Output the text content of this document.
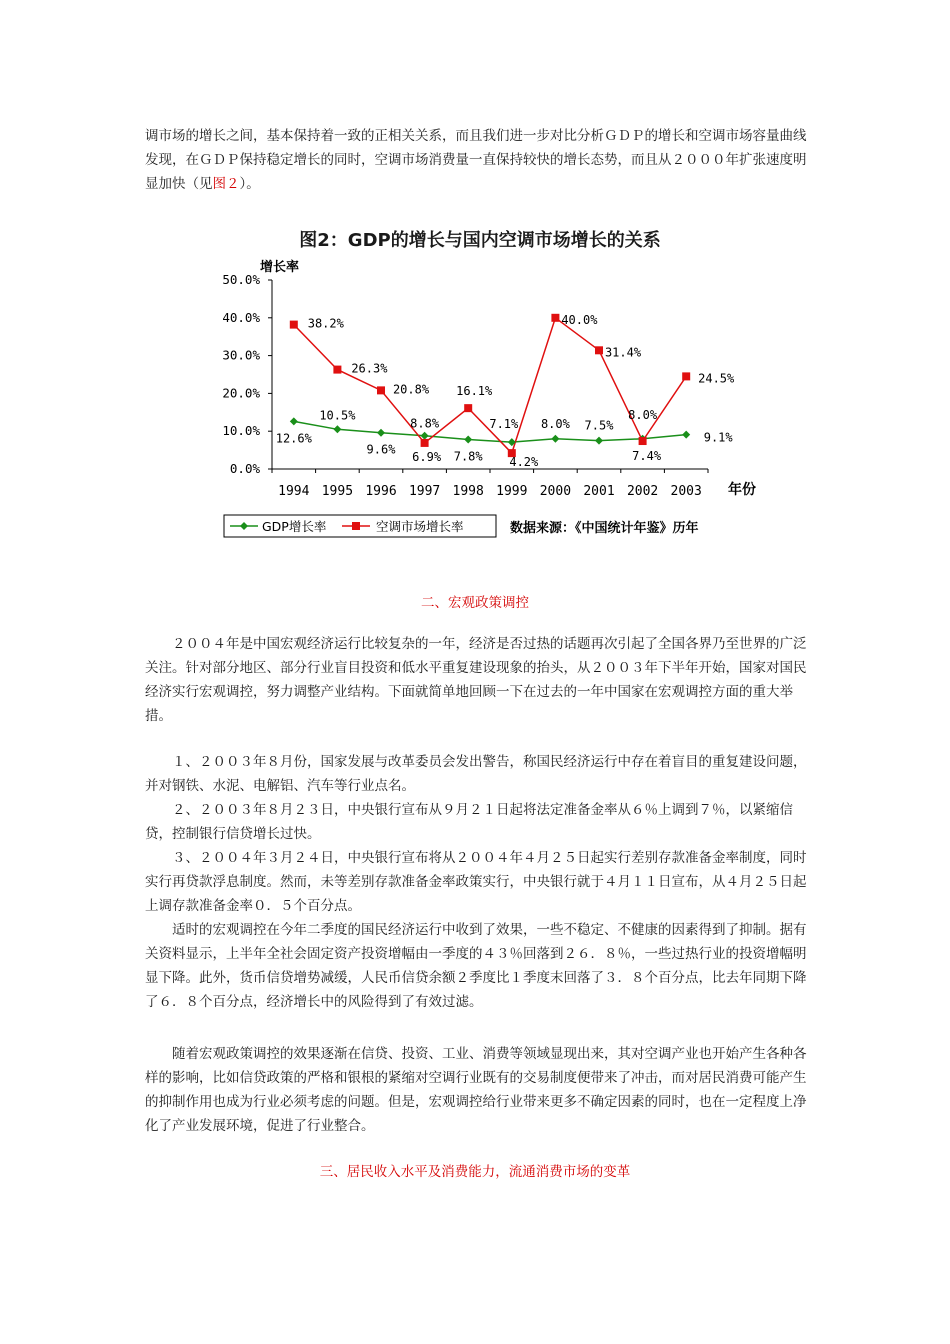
调市场的增长之间，基本保持着一致的正相关关系，而且我们进一步对比分析ＧＤＰ的增长和空调市场容量曲线发现，在ＧＤＰ保持稳定增长的同时，空调市场消费量一直保持较快的增长态势，而且从２０００年扩张速度明显加快（见图２）。

图2：GDP的增长与国内空调市场增长的关系
增长率
50.0%
40.0%
30.0%
20.0%
10.0%
0.0%
1994 1995 1996 1997 1998 1999 2000 2001 2002 2003 年份
12.6%
10.5%
9.6%
8.8%
7.8%
7.1% 8.0% 7.5%
8.0%
9.1%
38.2%
26.3%
20.8%
6.9%
16.1%
4.2%
40.0%
31.4%
7.4%
24.5%
GDP增长率	空调市场增长率	数据来源：《中国统计年鉴》历年

二、宏观政策调控

２００４年是中国宏观经济运行比较复杂的一年，经济是否过热的话题再次引起了全国各界乃至世界的广泛关注。针对部分地区、部分行业盲目投资和低水平重复建设现象的抬头，从２００３年下半年开始，国家对国民经济实行宏观调控，努力调整产业结构。下面就简单地回顾一下在过去的一年中国家在宏观调控方面的重大举措。

１、２００３年８月份，国家发展与改革委员会发出警告，称国民经济运行中存在着盲目的重复建设问题，并对钢铁、水泥、电解铝、汽车等行业点名。

２、２００３年８月２３日，中央银行宣布从９月２１日起将法定准备金率从６％上调到７％，以紧缩信贷，控制银行信贷增长过快。

３、２００４年３月２４日，中央银行宣布将从２００４年４月２５日起实行差别存款准备金率制度，同时实行再贷款浮息制度。然而，未等差别存款准备金率政策实行，中央银行就于４月１１日宣布，从４月２５日起上调存款准备金率０．５个百分点。

适时的宏观调控在今年二季度的国民经济运行中收到了效果，一些不稳定、不健康的因素得到了抑制。据有关资料显示，上半年全社会固定资产投资增幅由一季度的４３％回落到２６．８％，一些过热行业的投资增幅明显下降。此外，货币信贷增势减缓，人民币信贷余额２季度比１季度末回落了３．８个百分点，比去年同期下降了６．８个百分点，经济增长中的风险得到了有效过滤。

随着宏观政策调控的效果逐渐在信贷、投资、工业、消费等领域显现出来，其对空调产业也开始产生各种各样的影响，比如信贷政策的严格和银根的紧缩对空调行业既有的交易制度便带来了冲击，而对居民消费可能产生的抑制作用也成为行业必须考虑的问题。但是，宏观调控给行业带来更多不确定因素的同时，也在一定程度上净化了产业发展环境，促进了行业整合。

三、居民收入水平及消费能力，流通消费市场的变革
